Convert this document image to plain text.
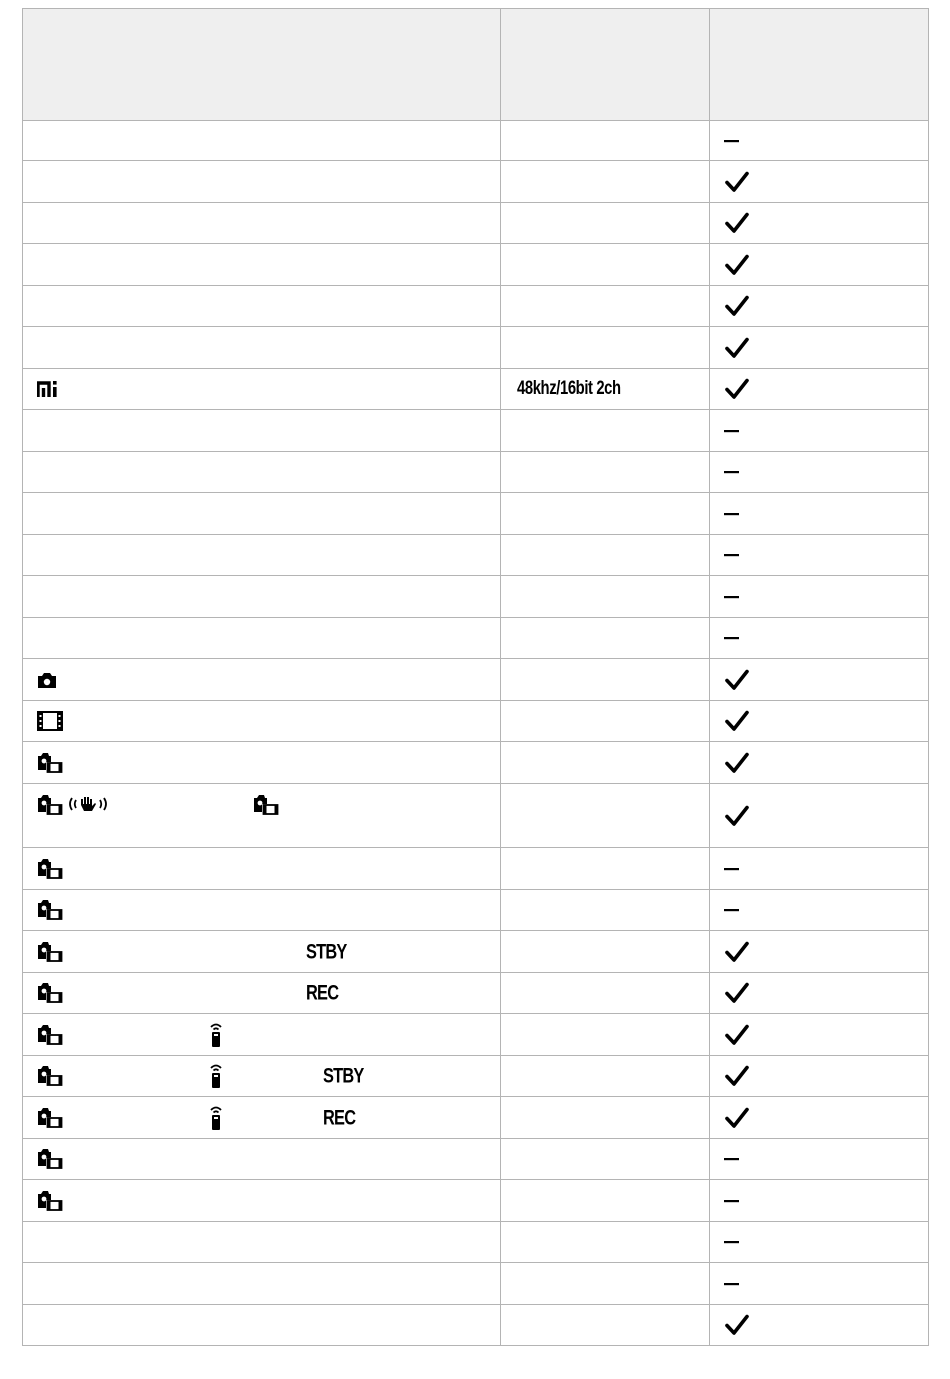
48khz/16bit 2ch
STBY
REC
STBY
REC
